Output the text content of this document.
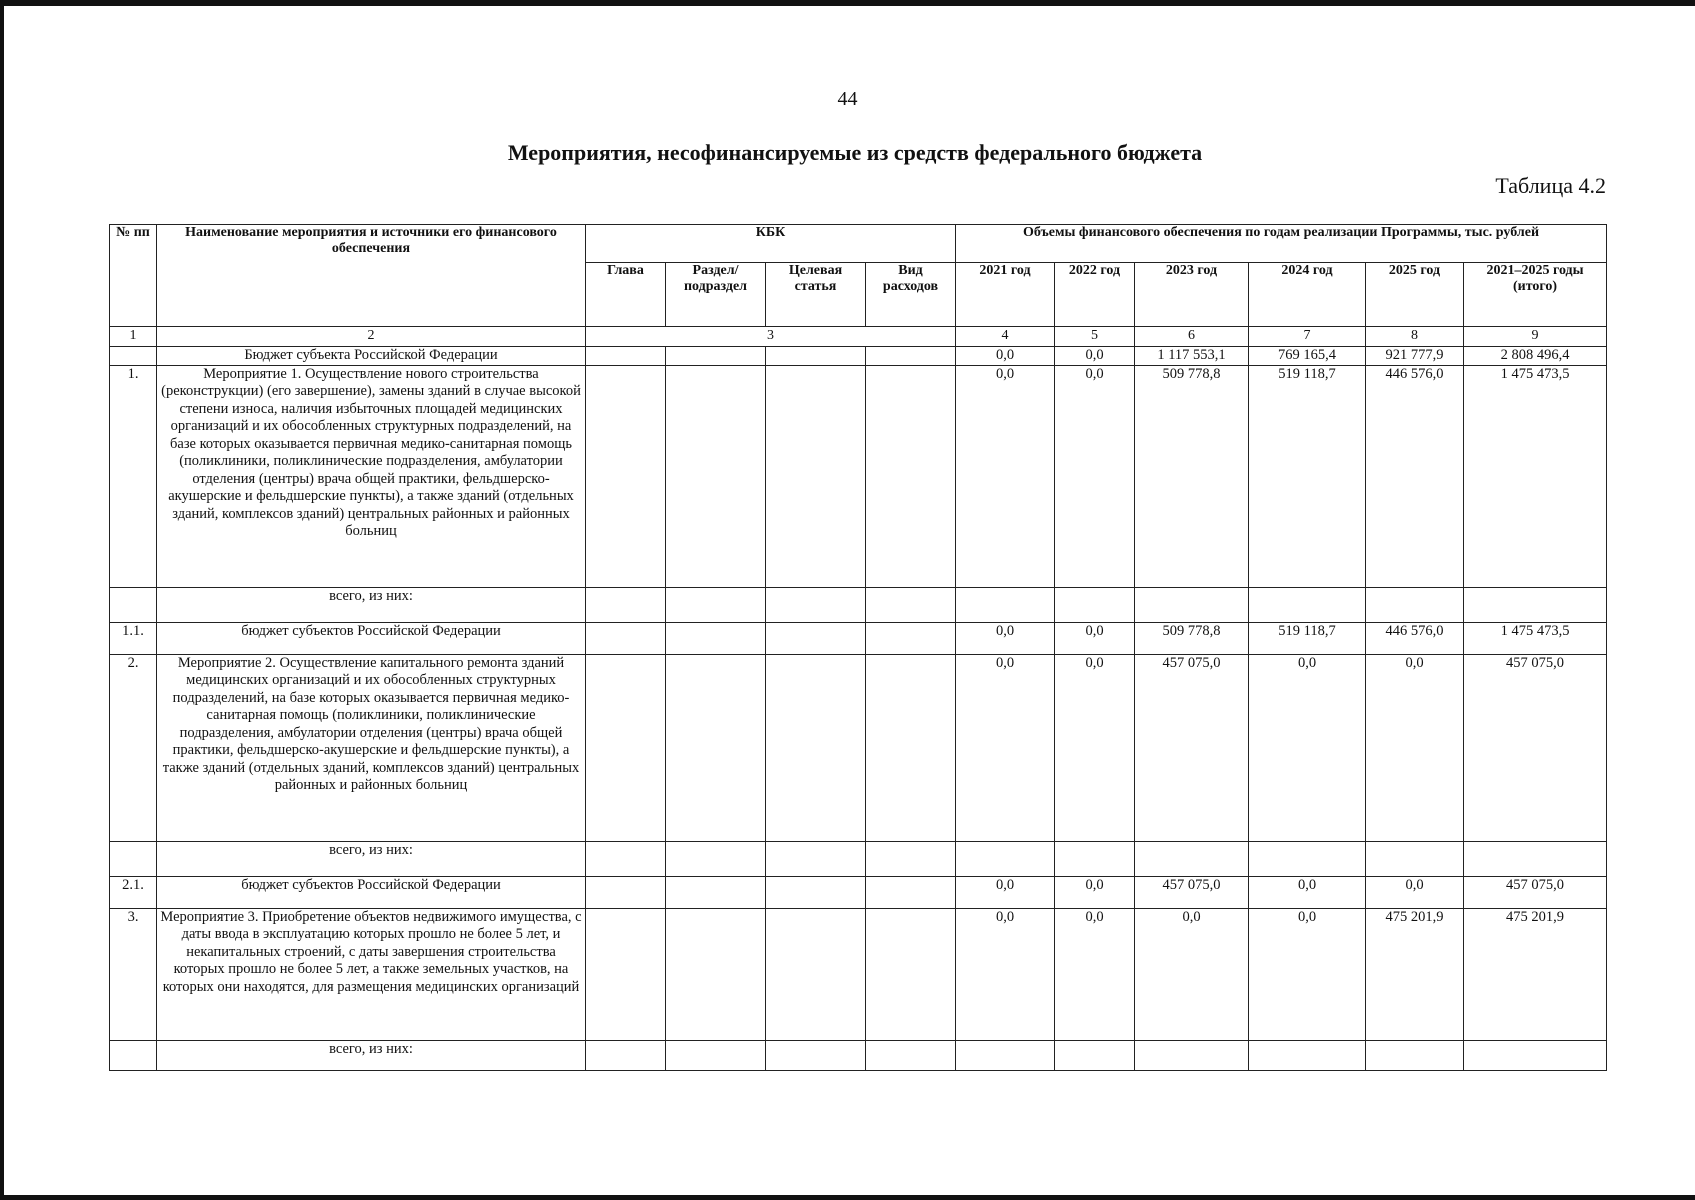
44
Мероприятия, несофинансируемые из средств федерального бюджета
Таблица 4.2
№ пп	Наименование мероприятия и источники его финансового обеспечения	КБК				Объемы финансового обеспечения по годам реализации Программы, тыс. рублей					
		Глава	Раздел/ подраздел	Целевая статья	Вид расходов	2021 год	2022 год	2023 год	2024 год	2025 год	2021–2025 годы (итого)
1	2	3				4	5	6	7	8	9
	Бюджет субъекта Российской Федерации					0,0	0,0	1 117 553,1	769 165,4	921 777,9	2 808 496,4
1.	Мероприятие 1. Осуществление нового строительства (реконструкции) (его завершение), замены зданий в случае высокой степени износа, наличия избыточных площадей медицинских организаций и их обособленных структурных подразделений, на базе которых оказывается первичная медико-санитарная помощь (поликлиники, поликлинические подразделения, амбулатории отделения (центры) врача общей практики, фельдшерско-акушерские и фельдшерские пункты), а также зданий (отдельных зданий, комплексов зданий) центральных районных и районных больниц					0,0	0,0	509 778,8	519 118,7	446 576,0	1 475 473,5
	всего, из них:										
1.1.	бюджет субъектов Российской Федерации					0,0	0,0	509 778,8	519 118,7	446 576,0	1 475 473,5
2.	Мероприятие 2. Осуществление капитального ремонта зданий медицинских организаций и их обособленных структурных подразделений, на базе которых оказывается первичная медико-санитарная помощь (поликлиники, поликлинические подразделения, амбулатории отделения (центры) врача общей практики, фельдшерско-акушерские и фельдшерские пункты), а также зданий (отдельных зданий, комплексов зданий) центральных районных и районных больниц					0,0	0,0	457 075,0	0,0	0,0	457 075,0
	всего, из них:										
2.1.	бюджет субъектов Российской Федерации					0,0	0,0	457 075,0	0,0	0,0	457 075,0
3.	Мероприятие 3. Приобретение объектов недвижимого имущества, с даты ввода в эксплуатацию которых прошло не более 5 лет, и некапитальных строений, с даты завершения строительства которых прошло не более 5 лет, а также земельных участков, на которых они находятся, для размещения медицинских организаций					0,0	0,0	0,0	0,0	475 201,9	475 201,9
	всего, из них:										
